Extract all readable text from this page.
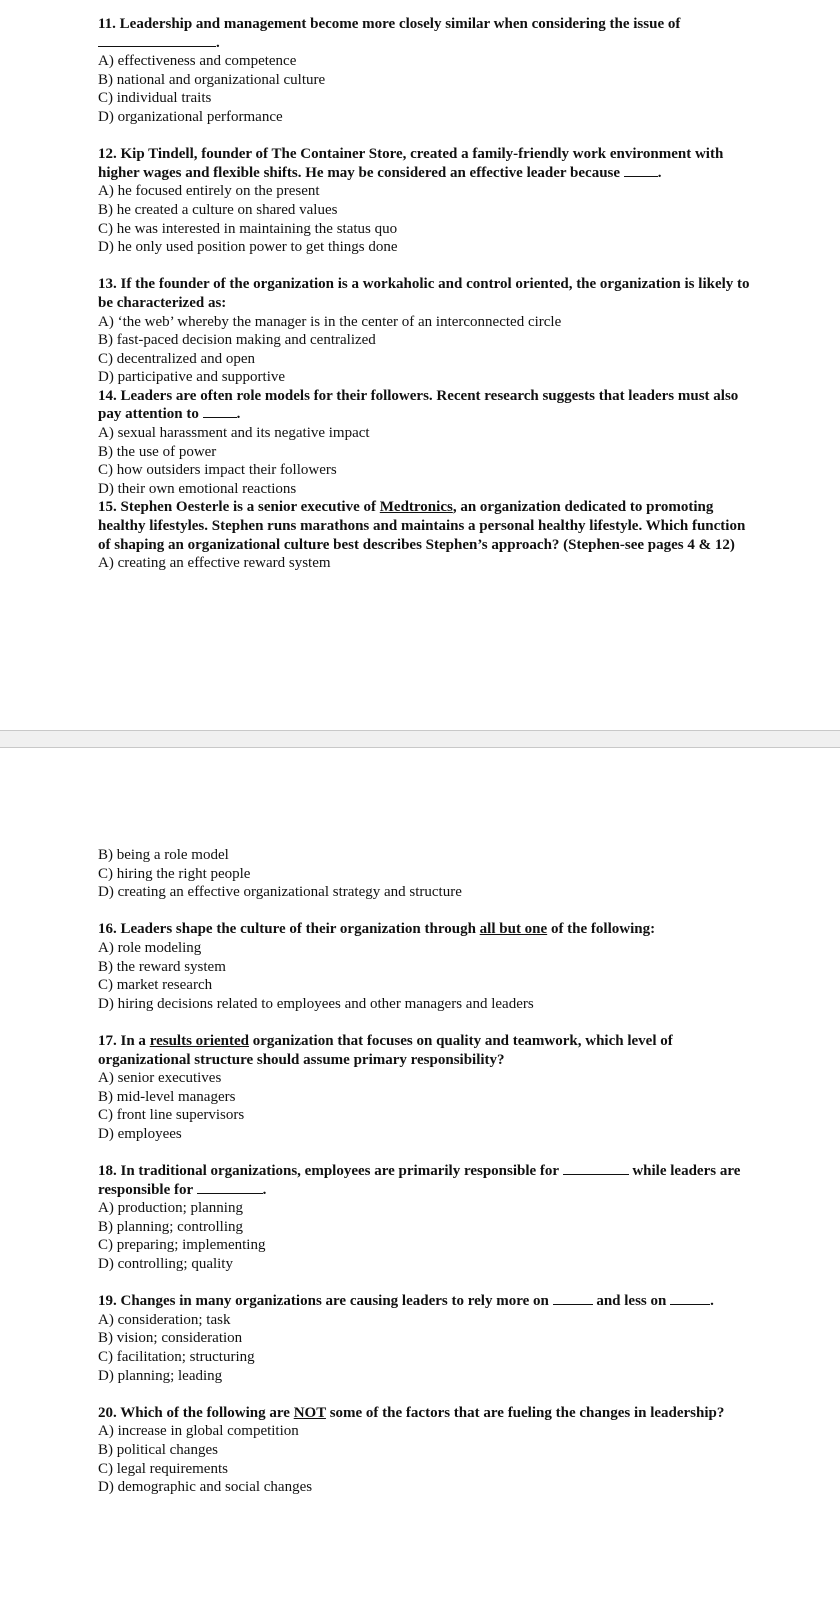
11. Leadership and management become more closely similar when considering the issue of .
A) effectiveness and competence
B) national and organizational culture
C) individual traits
D) organizational performance
12. Kip Tindell, founder of The Container Store, created a family-friendly work environment with higher wages and flexible shifts. He may be considered an effective leader because	.
A) he focused entirely on the present
B) he created a culture on shared values
C) he was interested in maintaining the status quo
D) he only used position power to get things done
13. If the founder of the organization is a workaholic and control oriented, the organization is likely to be characterized as:
A) ‘the web’ whereby the manager is in the center of an interconnected circle
B) fast-paced decision making and centralized
C) decentralized and open
D) participative and supportive
14. Leaders are often role models for their followers. Recent research suggests that leaders must also pay attention to	.
A) sexual harassment and its negative impact
B) the use of power
C) how outsiders impact their followers
D) their own emotional reactions
15. Stephen Oesterle is a senior executive of Medtronics, an organization dedicated to promoting healthy lifestyles. Stephen runs marathons and maintains a personal healthy lifestyle. Which function of shaping an organizational culture best describes Stephen’s approach? (Stephen-see pages 4 & 12)
A) creating an effective reward system
B) being a role model
C) hiring the right people
D) creating an effective organizational strategy and structure
16. Leaders shape the culture of their organization through all but one of the following:
A) role modeling
B) the reward system
C) market research
D) hiring decisions related to employees and other managers and leaders
17. In a results oriented organization that focuses on quality and teamwork, which level of organizational structure should assume primary responsibility?
A) senior executives
B) mid-level managers
C) front line supervisors
D) employees
18. In traditional organizations, employees are primarily responsible for	while leaders are responsible for	.
A) production; planning
B) planning; controlling
C) preparing; implementing
D) controlling; quality
19. Changes in many organizations are causing leaders to rely more on	and less on	.
A) consideration; task
B) vision; consideration
C) facilitation; structuring
D) planning; leading
20. Which of the following are NOT some of the factors that are fueling the changes in leadership?
A) increase in global competition
B) political changes
C) legal requirements
D) demographic and social changes
